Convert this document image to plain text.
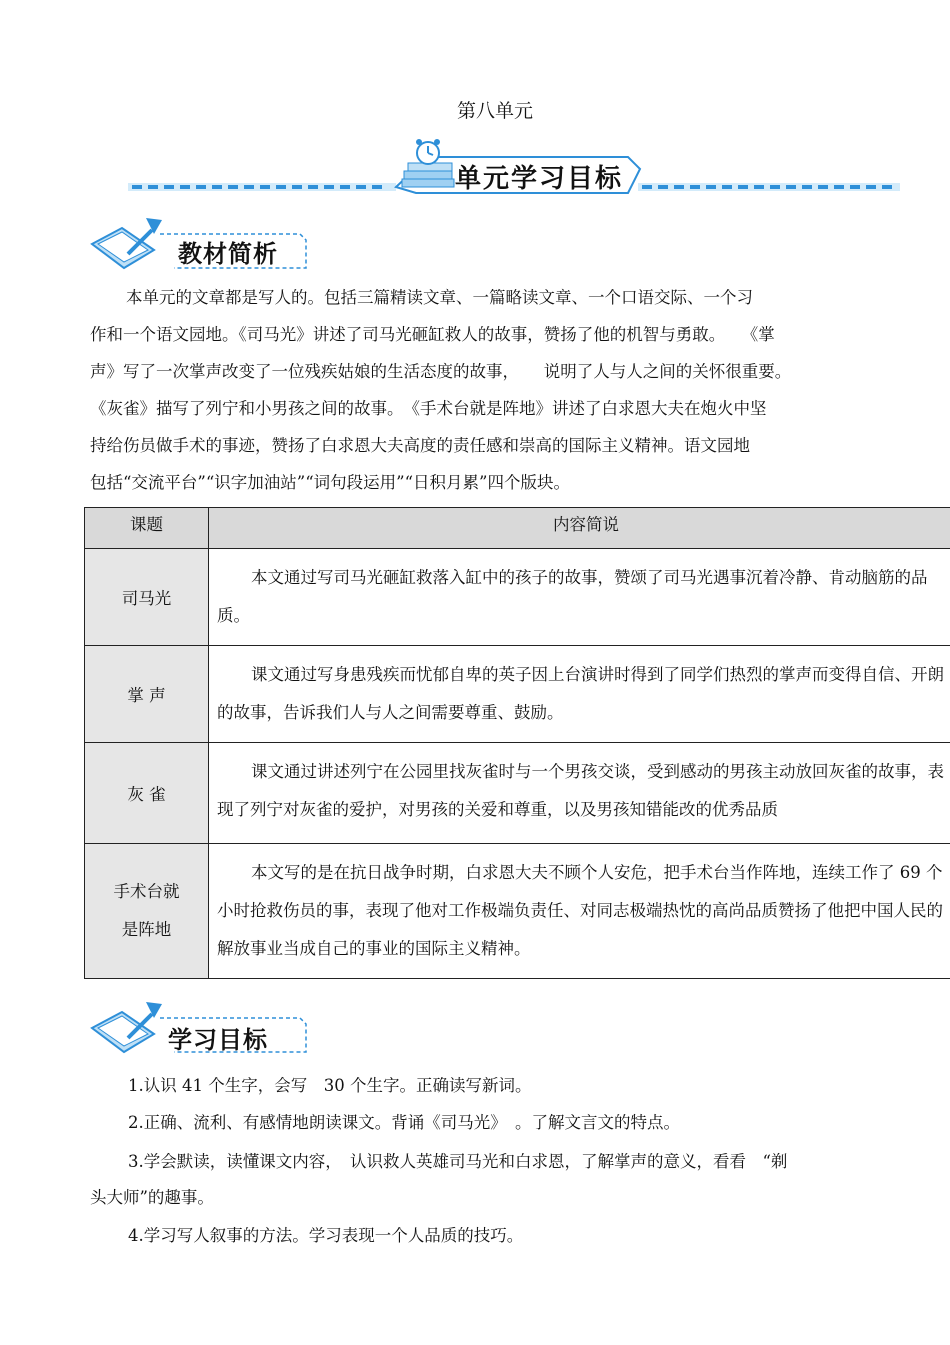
第八单元
单元学习目标
教材简析
本单元的文章都是写人的。包括三篇精读文章、一篇略读文章、一个口语交际、一个习
作和一个语文园地。《司马光》讲述了司马光砸缸救人的故事，赞扬了他的机智与勇敢。　　《掌
声》写了一次掌声改变了一位残疾姑娘的生活态度的故事，　　说明了人与人之间的关怀很重要。
《灰雀》描写了列宁和小男孩之间的故事。　《手术台就是阵地》讲述了白求恩大夫在炮火中坚
持给伤员做手术的事迹，赞扬了白求恩大夫高度的责任感和崇高的国际主义精神。语文园地
包括“交流平台”“识字加油站”“词句段运用”“日积月累”四个版块。
课题	内容简说
司马光	本文通过写司马光砸缸救落入缸中的孩子的故事，赞颂了司马光遇事沉着冷静、肯动脑筋的品质。
掌 声	课文通过写身患残疾而忧郁自卑的英子因上台演讲时得到了同学们热烈的掌声而变得自信、开朗的故事，告诉我们人与人之间需要尊重、鼓励。
灰 雀	课文通过讲述列宁在公园里找灰雀时与一个男孩交谈，受到感动的男孩主动放回灰雀的故事，表现了列宁对灰雀的爱护，对男孩的关爱和尊重，以及男孩知错能改的优秀品质

手术台就
是阵地	本文写的是在抗日战争时期，白求恩大夫不顾个人安危，把手术台当作阵地，连续工作了 69 个小时抢救伤员的事，表现了他对工作极端负责任、对同志极端热忱的高尚品质赞扬了他把中国人民的解放事业当成自己的事业的国际主义精神。
学习目标
1.认识 41 个生字，会写　30 个生字。正确读写新词。
2.正确、流利、有感情地朗读课文。背诵《司马光》　。了解文言文的特点。
3.学会默读，读懂课文内容，　认识救人英雄司马光和白求恩，了解掌声的意义，看看　“剃
头大师”的趣事。
4.学习写人叙事的方法。学习表现一个人品质的技巧。
